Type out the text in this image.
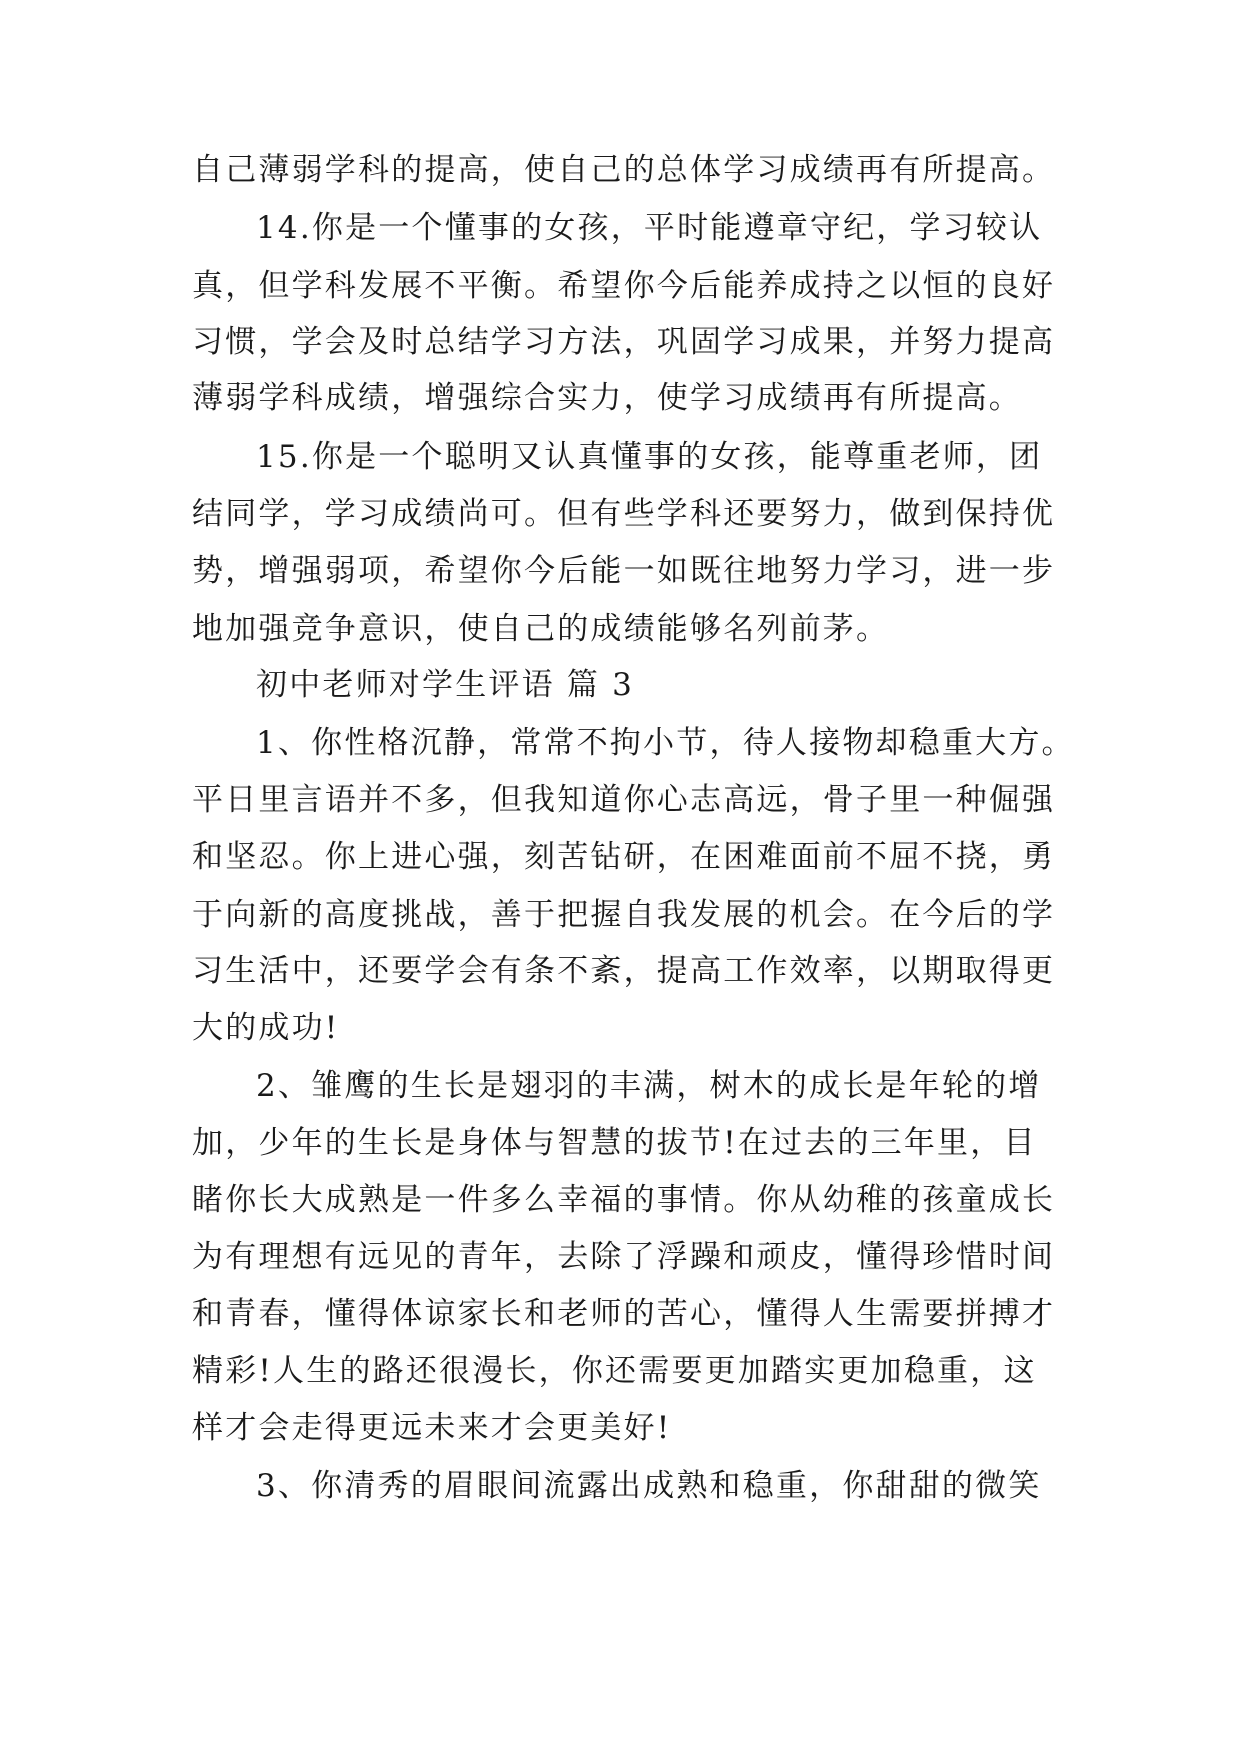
自己薄弱学科的提高，使自己的总体学习成绩再有所提高。
14.你是一个懂事的女孩，平时能遵章守纪，学习较认
真，但学科发展不平衡。希望你今后能养成持之以恒的良好
习惯，学会及时总结学习方法，巩固学习成果，并努力提高
薄弱学科成绩，增强综合实力，使学习成绩再有所提高。
15.你是一个聪明又认真懂事的女孩，能尊重老师，团
结同学，学习成绩尚可。但有些学科还要努力，做到保持优
势，增强弱项，希望你今后能一如既往地努力学习，进一步
地加强竞争意识，使自己的成绩能够名列前茅。
初中老师对学生评语 篇 3
1、你性格沉静，常常不拘小节，待人接物却稳重大方。
平日里言语并不多，但我知道你心志高远，骨子里一种倔强
和坚忍。你上进心强，刻苦钻研，在困难面前不屈不挠，勇
于向新的高度挑战，善于把握自我发展的机会。在今后的学
习生活中，还要学会有条不紊，提高工作效率，以期取得更
大的成功!
2、雏鹰的生长是翅羽的丰满，树木的成长是年轮的增
加，少年的生长是身体与智慧的拔节!在过去的三年里，目
睹你长大成熟是一件多么幸福的事情。你从幼稚的孩童成长
为有理想有远见的青年，去除了浮躁和顽皮，懂得珍惜时间
和青春，懂得体谅家长和老师的苦心，懂得人生需要拼搏才
精彩!人生的路还很漫长，你还需要更加踏实更加稳重，这
样才会走得更远未来才会更美好!
3、你清秀的眉眼间流露出成熟和稳重，你甜甜的微笑
